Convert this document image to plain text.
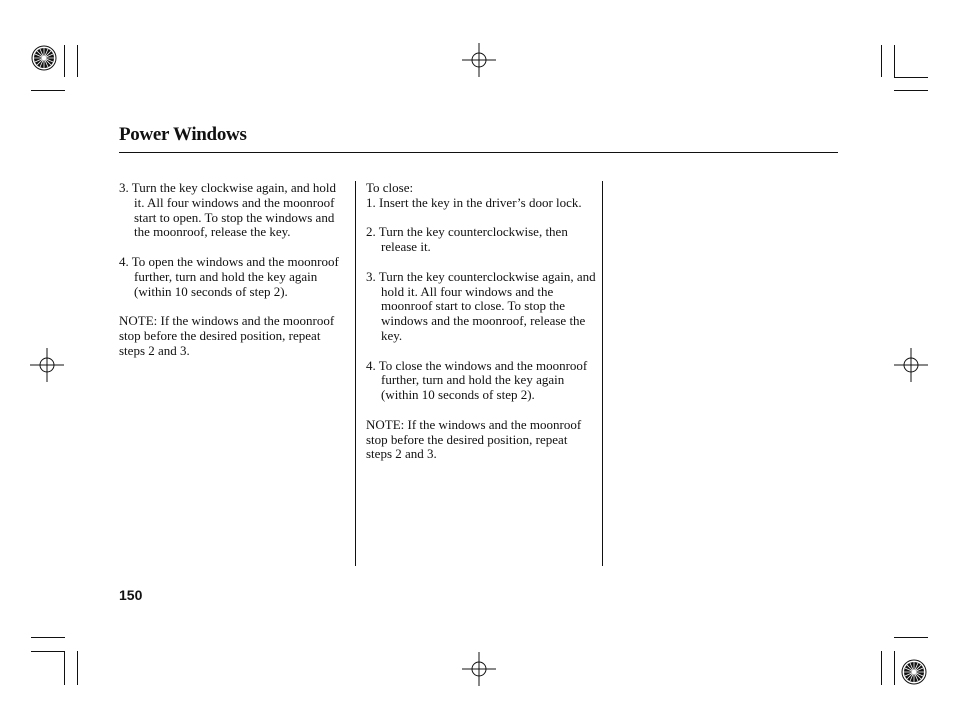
Power Windows

3. Turn the key clockwise again, and hold it. All four windows and the moonroof start to open. To stop the windows and the moonroof, release the key.

4. To open the windows and the moonroof further, turn and hold the key again (within 10 seconds of step 2).

NOTE: If the windows and the moonroof stop before the desired position, repeat steps 2 and 3.

To close:

1. Insert the key in the driver’s door lock.

2. Turn the key counterclockwise, then release it.

3. Turn the key counterclockwise again, and hold it. All four windows and the moonroof start to close. To stop the windows and the moonroof, release the key.

4. To close the windows and the moonroof further, turn and hold the key again (within 10 seconds of step 2).

NOTE: If the windows and the moonroof stop before the desired position, repeat steps 2 and 3.

150
